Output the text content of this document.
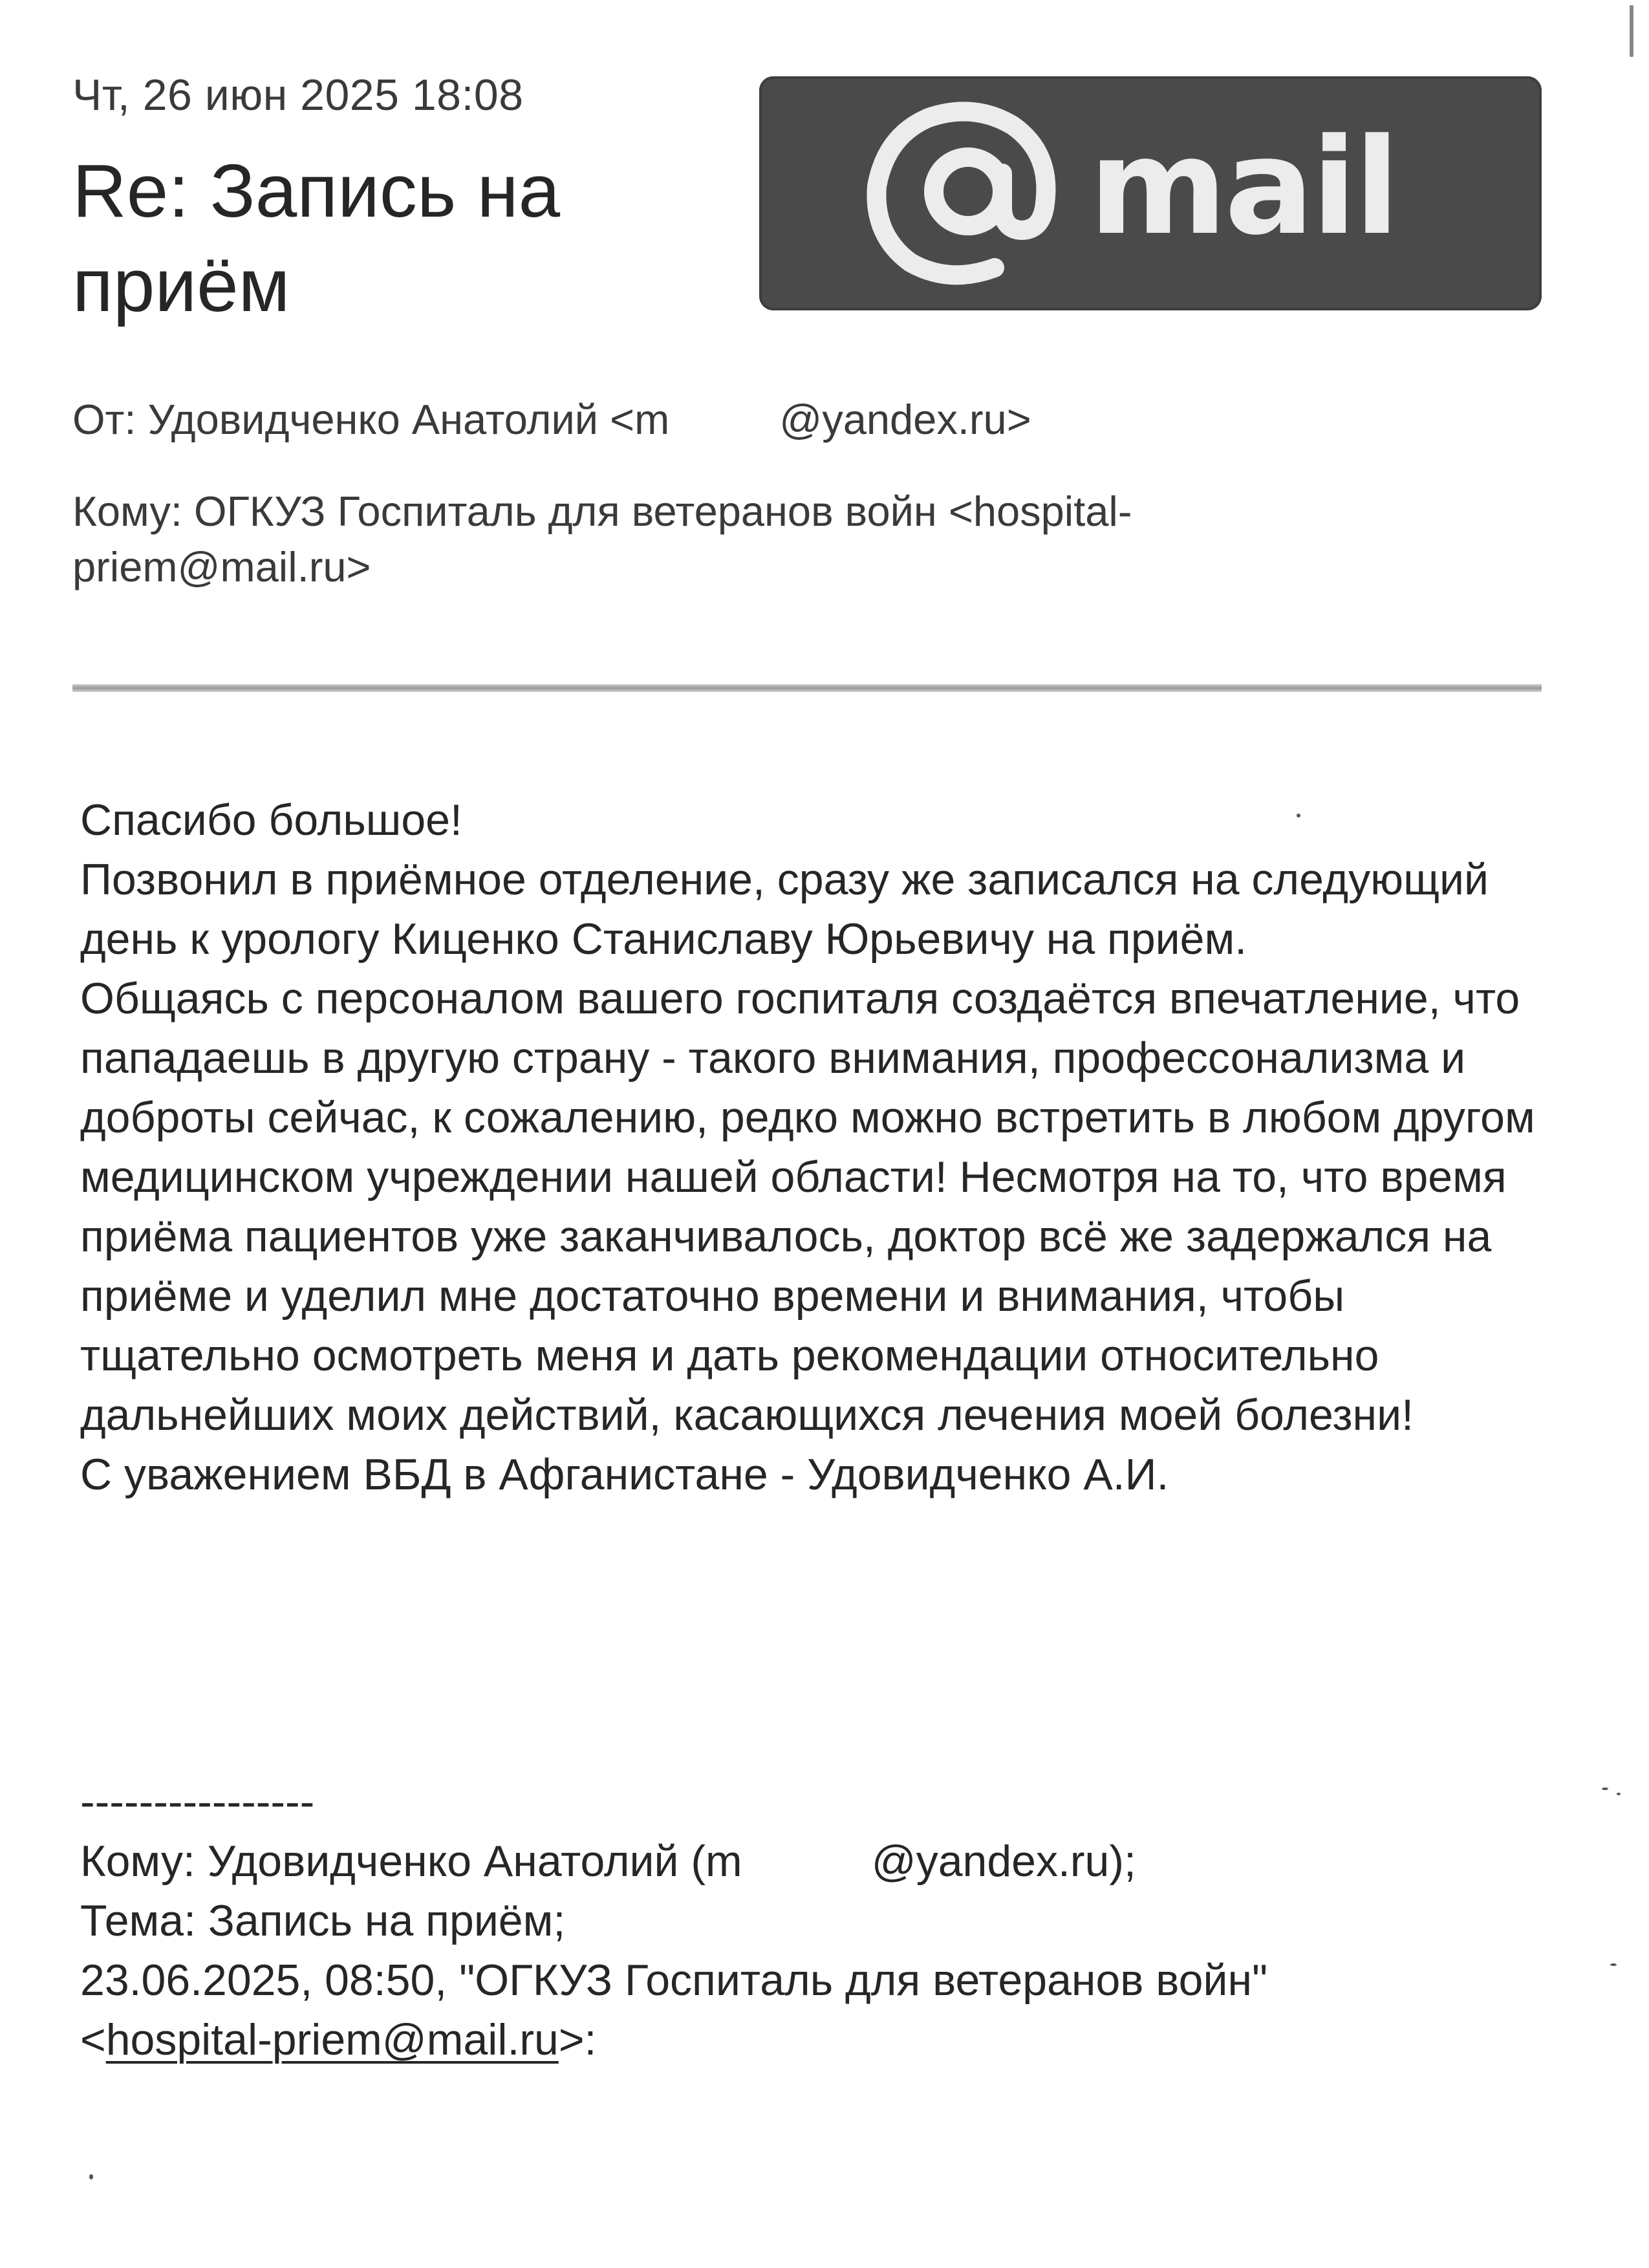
Чт, 26 июн 2025 18:08
Re: Запись на приём
mail
От: Удовидченко Анатолий <m	@yandex.ru>
Кому: ОГКУЗ Госпиталь для ветеранов войн <hospital-priem@mail.ru>

Спасибо большое!

Позвонил в приёмное отделение, сразу же записался на следующий день к урологу Киценко Станиславу Юрьевичу на приём.

Общаясь с персоналом вашего госпиталя создаётся впечатление, что пападаешь в другую страну - такого внимания, профессонализма и доброты сейчас, к сожалению, редко можно встретить в любом другом медицинском учреждении нашей области! Несмотря на то, что время приёма пациентов уже заканчивалось, доктор всё же задержался на приёме и уделил мне достаточно времени и внимания, чтобы тщательно осмотреть меня и дать рекомендации относительно дальнейших моих действий, касающихся лечения моей болезни!

С уважением ВБД в Афганистане - Удовидченко А.И.

----------------
Кому: Удовидченко Анатолий (m	@yandex.ru);
Тема: Запись на приём;
23.06.2025, 08:50, "ОГКУЗ Госпиталь для ветеранов войн"
<hospital-priem@mail.ru>:
